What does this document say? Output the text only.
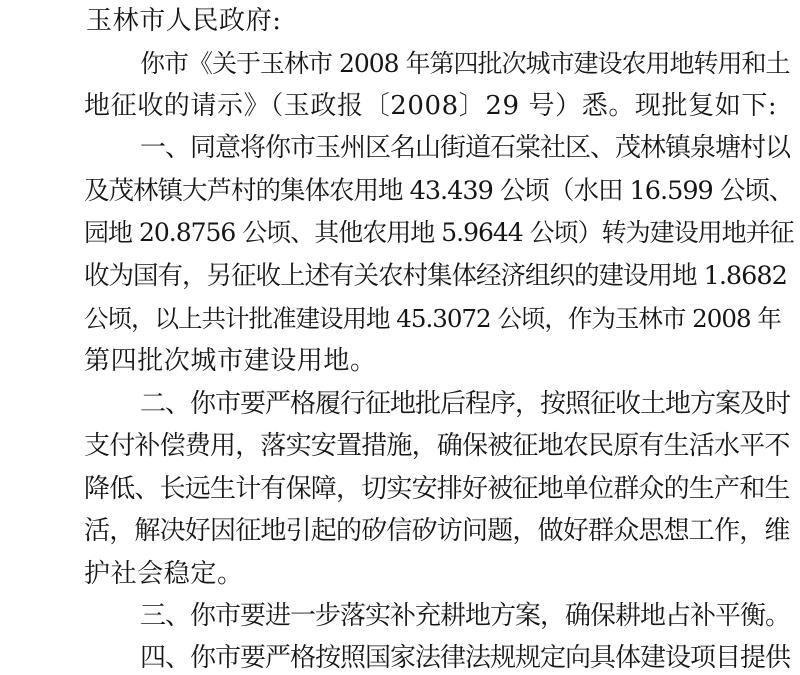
玉林市人民政府:

你市《关于玉林市 2008 年第四批次城市建设农用地转用和土

地征收的请示》（玉政报〔2008〕29 号）悉。现批复如下:

一、同意将你市玉州区名山街道石棠社区、茂林镇泉塘村以

及茂林镇大芦村的集体农用地 43.439 公顷（水田 16.599 公顷、

园地 20.8756 公顷、其他农用地 5.9644 公顷）转为建设用地并征

收为国有，另征收上述有关农村集体经济组织的建设用地 1.8682

公顷，以上共计批准建设用地 45.3072 公顷，作为玉林市 2008 年

第四批次城市建设用地。

二、你市要严格履行征地批后程序，按照征收土地方案及时

支付补偿费用，落实安置措施，确保被征地农民原有生活水平不

降低、长远生计有保障，切实安排好被征地单位群众的生产和生

活，解决好因征地引起的矽信矽访问题，做好群众思想工作，维

护社会稳定。

三、你市要进一步落实补充耕地方案，确保耕地占补平衡。

四、你市要严格按照国家法律法规规定向具体建设项目提供
